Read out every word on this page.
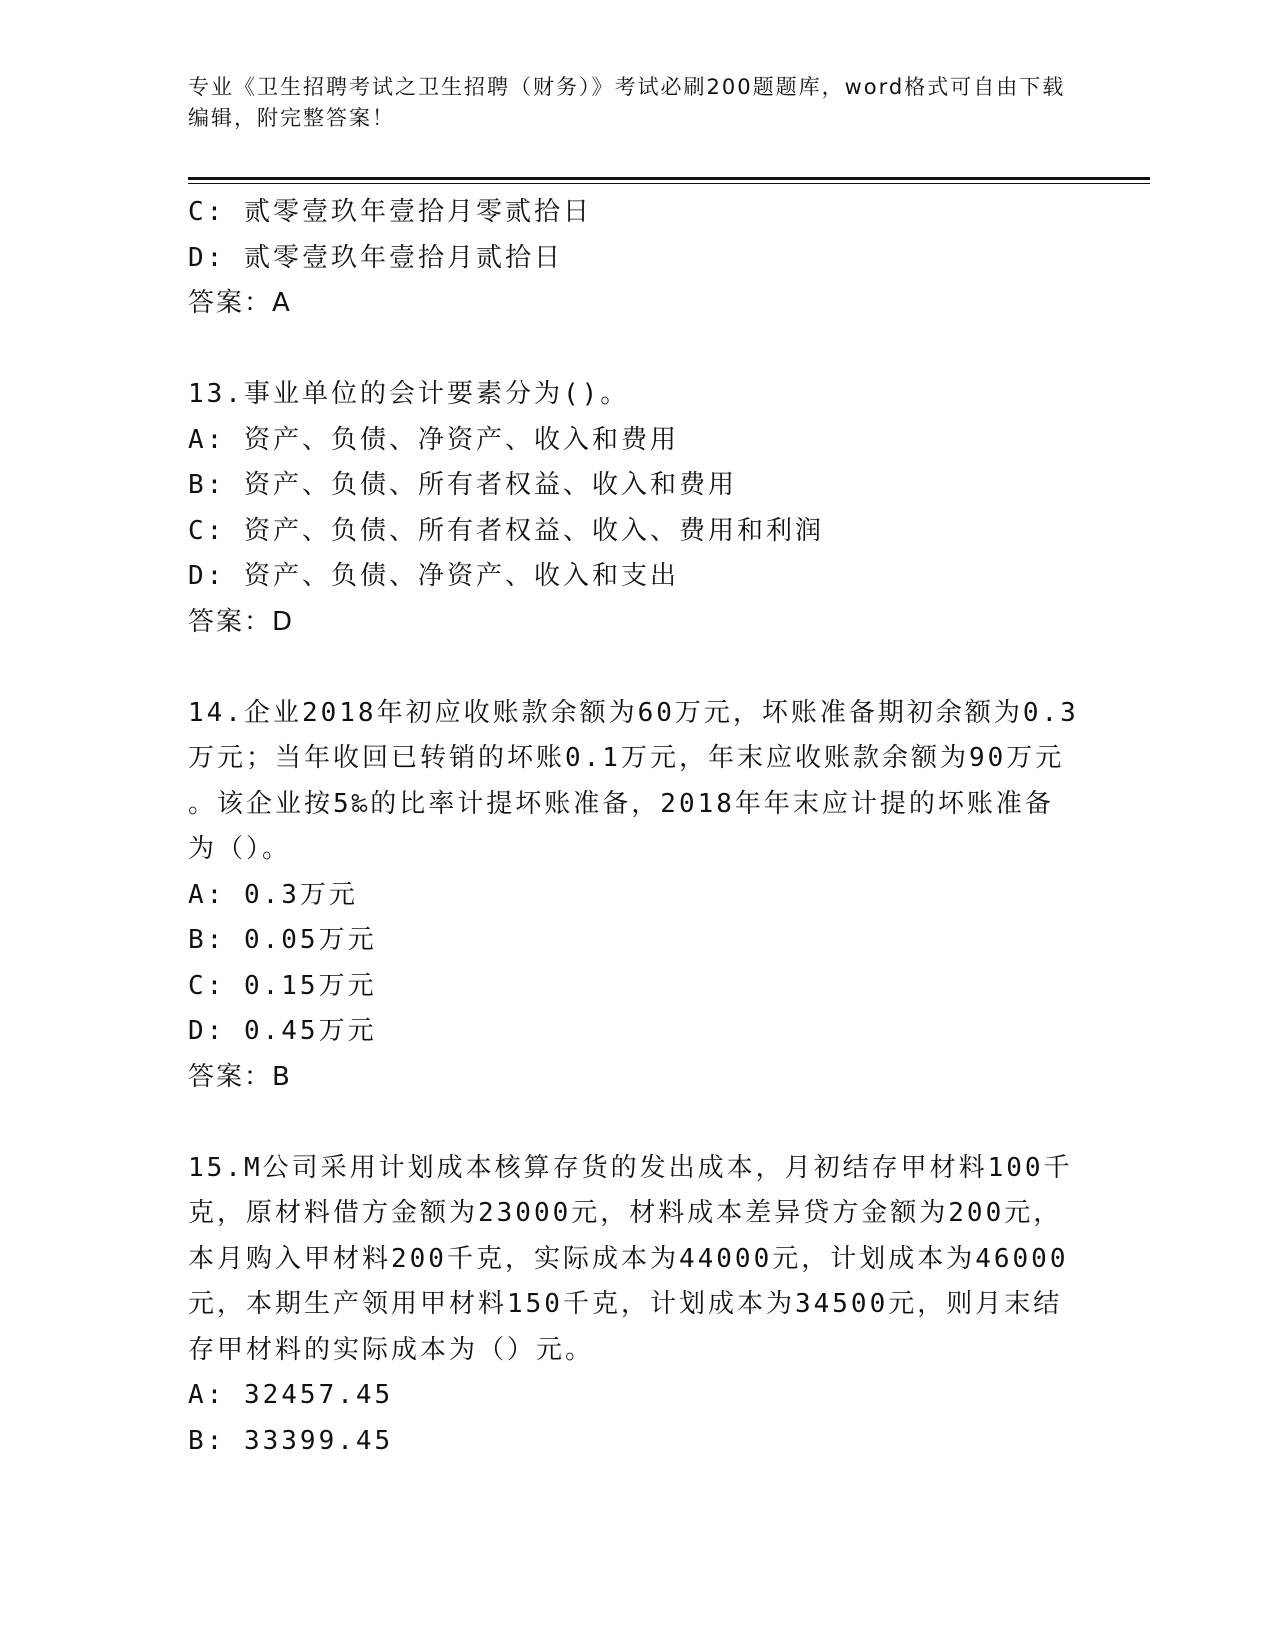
专业《卫生招聘考试之卫生招聘（财务）》考试必刷200题题库，word格式可自由下载编辑，附完整答案！
C: 贰零壹玖年壹拾月零贰拾日
D: 贰零壹玖年壹拾月贰拾日
答案：A
13.事业单位的会计要素分为()。
A: 资产、负债、净资产、收入和费用
B: 资产、负债、所有者权益、收入和费用
C: 资产、负债、所有者权益、收入、费用和利润
D: 资产、负债、净资产、收入和支出
答案：D
14.企业2018年初应收账款余额为60万元，坏账准备期初余额为0.3
万元；当年收回已转销的坏账0.1万元，年末应收账款余额为90万元
。该企业按5‰的比率计提坏账准备，2018年年末应计提的坏账准备
为（）。
A: 0.3万元
B: 0.05万元
C: 0.15万元
D: 0.45万元
答案：B
15.M公司采用计划成本核算存货的发出成本，月初结存甲材料100千
克，原材料借方金额为23000元，材料成本差异贷方金额为200元，
本月购入甲材料200千克，实际成本为44000元，计划成本为46000
元，本期生产领用甲材料150千克，计划成本为34500元，则月末结
存甲材料的实际成本为（）元。
A: 32457.45
B: 33399.45
